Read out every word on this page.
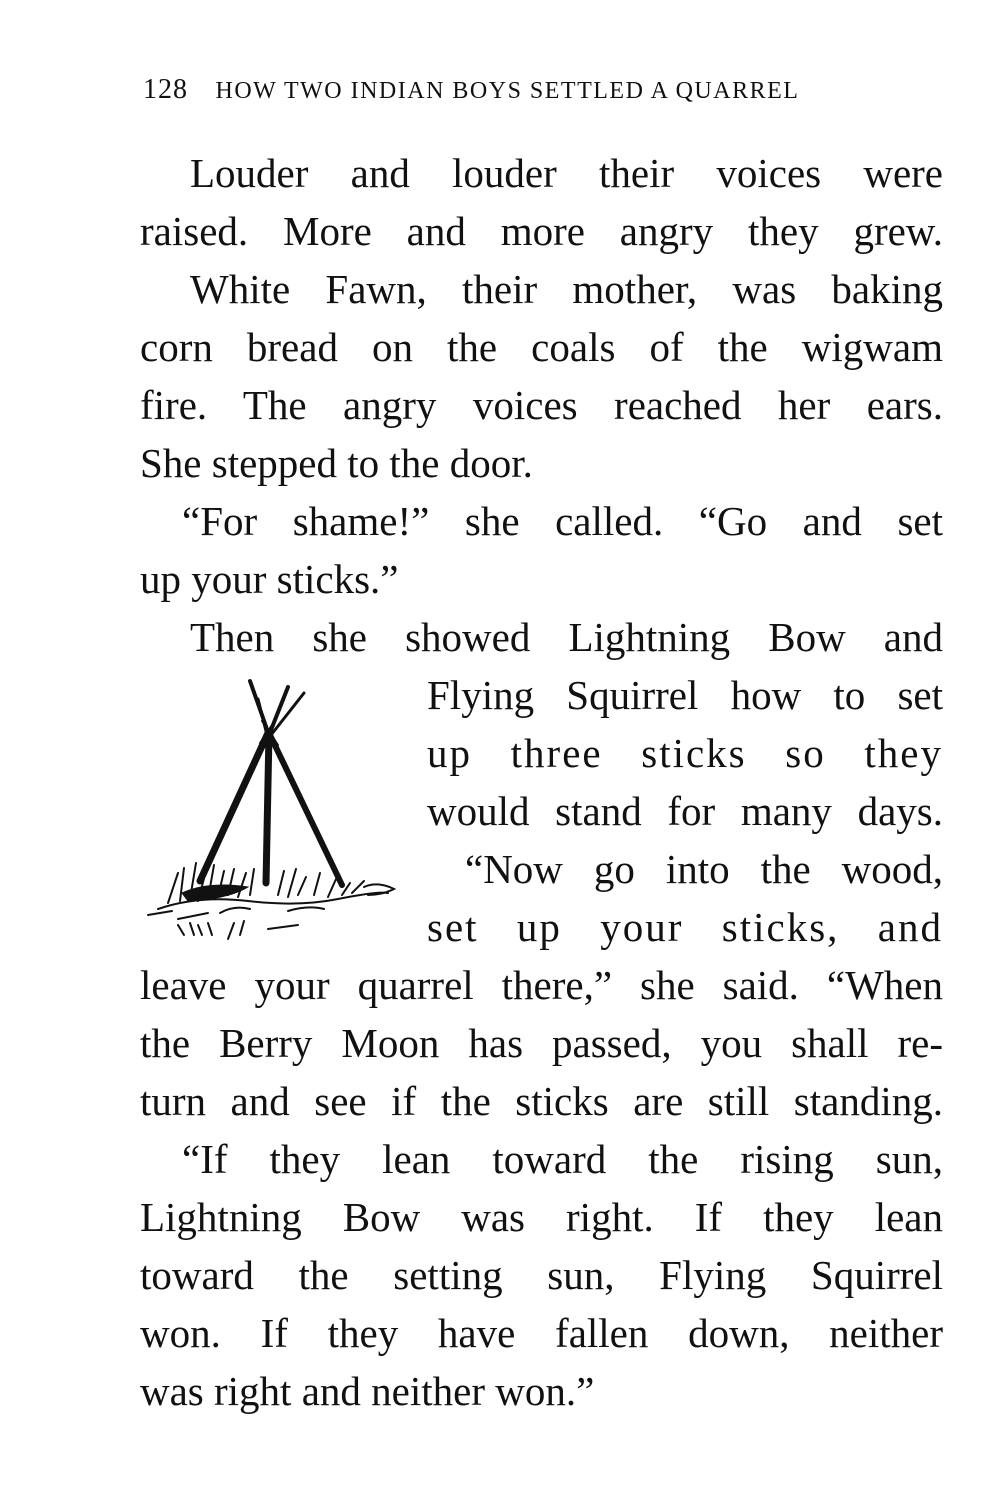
128 HOW TWO INDIAN BOYS SETTLED A QUARREL
Louder and louder their voices were
raised. More and more angry they grew.
White Fawn, their mother, was baking
corn bread on the coals of the wigwam
fire. The angry voices reached her ears.
She stepped to the door.
“For shame!” she called. “Go and set
up your sticks.”
Then she showed Lightning Bow and
Flying Squirrel how to set
up three sticks so they
would stand for many days.
“Now go into the wood,
set up your sticks, and
leave your quarrel there,” she said. “When
the Berry Moon has passed, you shall re-
turn and see if the sticks are still standing.
“If they lean toward the rising sun,
Lightning Bow was right. If they lean
toward the setting sun, Flying Squirrel
won. If they have fallen down, neither
was right and neither won.”
